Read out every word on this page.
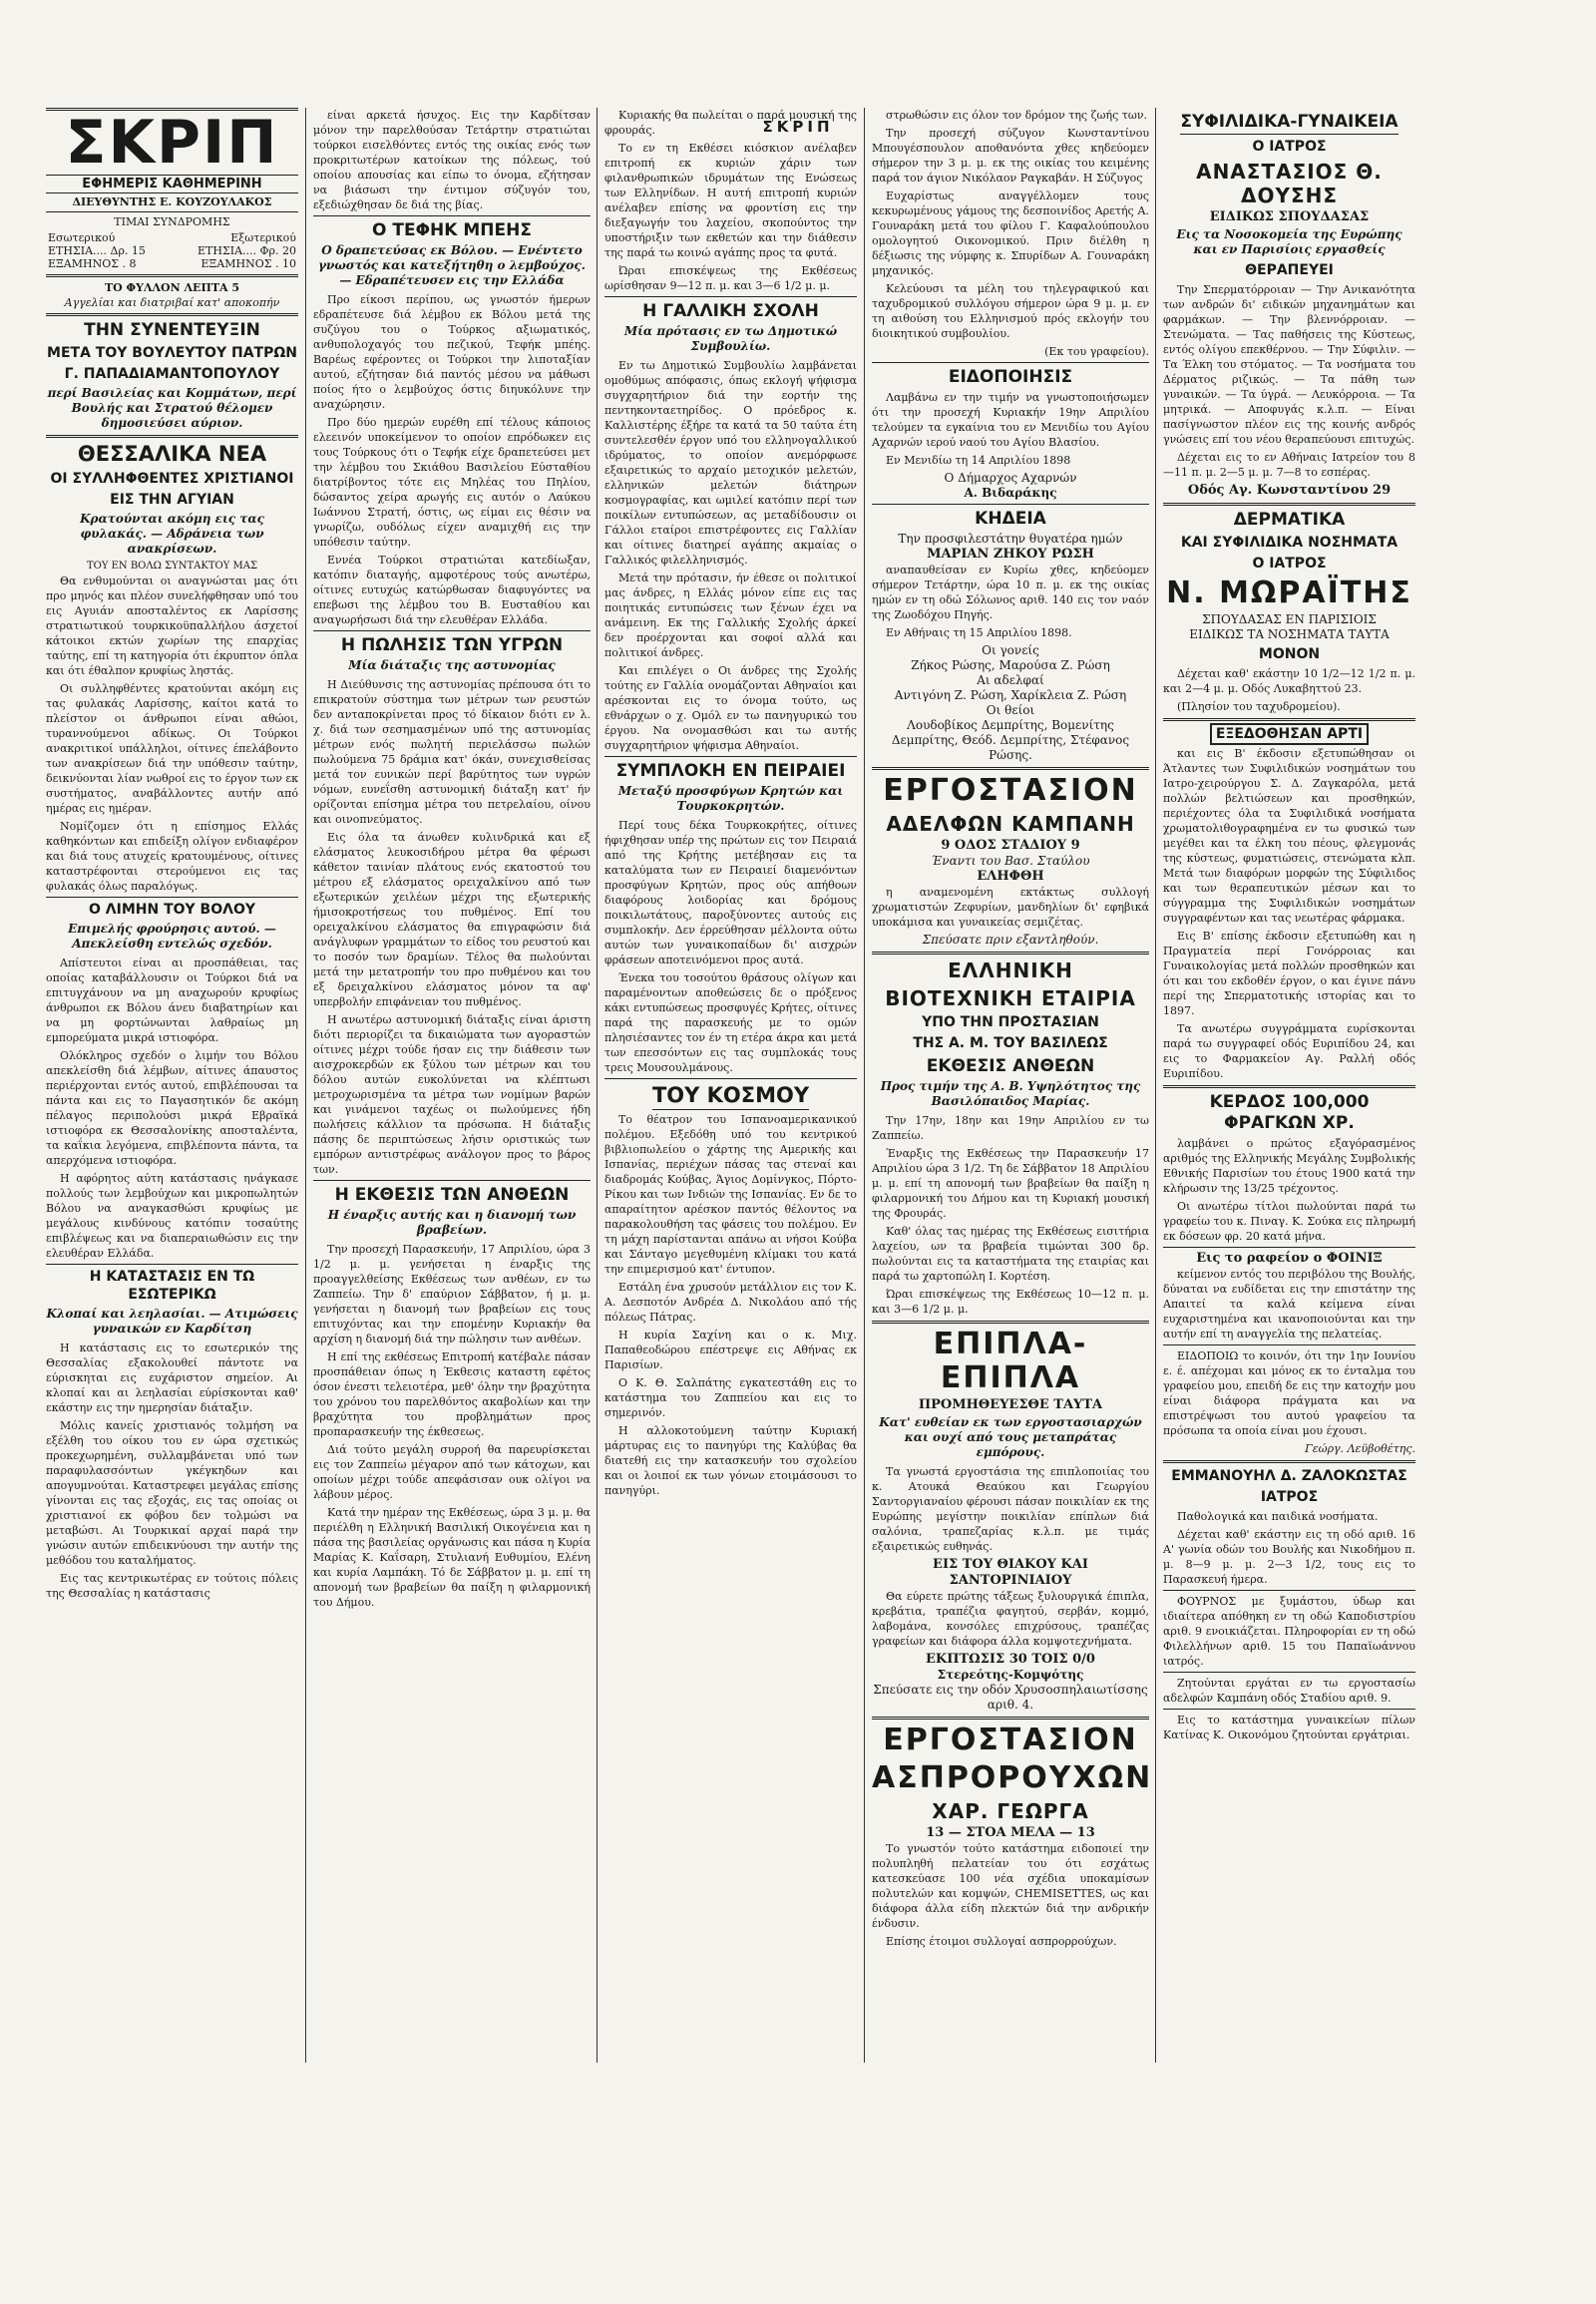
ΣΚΡΙΠ
ΣΚΡΙΠ
ΕΦΗΜΕΡΙΣ ΚΑΘΗΜΕΡΙΝΗ
ΔΙΕΥΘΥΝΤΗΣ Ε. ΚΟΥΖΟΥΛΑΚΟΣ
ΤΙΜΑΙ ΣΥΝΔΡΟΜΗΣ
Εσωτερικού	Εξωτερικού
ΕΤΗΣΙΑ.... Δρ. 15	ΕΤΗΣΙΑ.... Φρ. 20
ΕΞΑΜΗΝΟΣ . 8	ΕΞΑΜΗΝΟΣ . 10
ΤΟ ΦΥΛΛΟΝ ΛΕΠΤΑ 5
Αγγελίαι και διατριβαί κατ' αποκοπήν
ΤΗΝ ΣΥΝΕΝΤΕΥΞΙΝ
ΜΕΤΑ ΤΟΥ ΒΟΥΛΕΥΤΟΥ ΠΑΤΡΩΝ
Γ. ΠΑΠΑΔΙΑΜΑΝΤΟΠΟΥΛΟΥ
περί Βασιλείας και Κομμάτων, περί Βουλής και Στρατού θέλομεν δημοσιεύσει αύριον.
ΘΕΣΣΑΛΙΚΑ ΝΕΑ
ΟΙ ΣΥΛΛΗΦΘΕΝΤΕΣ ΧΡΙΣΤΙΑΝΟΙ
ΕΙΣ ΤΗΝ ΑΓΥΙΑΝ
Κρατούνται ακόμη εις τας φυλακάς. — Αδράνεια των ανακρίσεων.
ΤΟΥ ΕΝ ΒΟΛΩ ΣΥΝΤΑΚΤΟΥ ΜΑΣ

Θα ενθυμούνται οι αναγνώσται μας ότι προ μηνός και πλέον συνελήφθησαν υπό του εις Αγυιάν αποσταλέντος εκ Λαρίσσης στρατιωτικού τουρκικοϋπαλλήλου άσχετοί κάτοικοι εκτών χωρίων της επαρχίας ταύτης, επί τη κατηγορία ότι έκρυπτον όπλα και ότι έθαλπον κρυφίως ληστάς.

Οι συλληφθέντες κρατούνται ακόμη εις τας φυλακάς Λαρίσσης, καίτοι κατά το πλείστον οι άνθρωποι είναι αθώοι, τυραννούμενοι αδίκως. Οι Τούρκοι ανακριτικοί υπάλληλοι, οίτινες έπελάβοντο των ανακρίσεων διά την υπόθεσιν ταύτην, δεικνύονται λίαν νωθροί εις το έργον των εκ συστήματος, αναβάλλοντες αυτήν από ημέρας εις ημέραν.

Νομίζομεν ότι η επίσημος Ελλάς καθηκόντων και επιδείξη ολίγον ενδιαφέρον και διά τους ατυχείς κρατουμένους, οίτινες καταστρέφονται στερούμενοι εις τας φυλακάς όλως παραλόγως.

Ο ΛΙΜΗΝ ΤΟΥ ΒΟΛΟΥ
Επιμελής φρούρησις αυτού. — Απεκλείσθη εντελώς σχεδόν.

Απίστευτοι είναι αι προσπάθειαι, τας οποίας καταβάλλουσιν οι Τούρκοι διά να επιτυγχάνουν να μη αναχωρούν κρυφίως άνθρωποι εκ Βόλου άνευ διαβατηρίων και να μη φορτώνωνται λαθραίως μη εμπορεύματα μικρά ιστιοφόρα.

Ολόκληρος σχεδόν ο λιμήν του Βόλου απεκλείσθη διά λέμβων, αίτινες άπαυστος περιέρχονται εντός αυτού, επιβλέπουσαι τα πάντα και εις το Παγασητικόν δε ακόμη πέλαγος περιπολούσι μικρά Εβραϊκά ιστιοφόρα εκ Θεσσαλονίκης αποσταλέντα, τα καΐκια λεγόμενα, επιβλέποντα πάντα, τα απερχόμενα ιστιοφόρα.

Η αφόρητος αύτη κατάστασις ηνάγκασε πολλούς των λεμβούχων και μικροπωλητών Βόλου να αναγκασθώσι κρυφίως με μεγάλους κινδύνους κατόπιν τοσαύτης επιβλέψεως και να διαπεραιωθώσιν εις την ελευθέραν Ελλάδα.

Η ΚΑΤΑΣΤΑΣΙΣ ΕΝ ΤΩ ΕΣΩΤΕΡΙΚΩ
Κλοπαί και λεηλασίαι. — Ατιμώσεις γυναικών εν Καρδίτση

Η κατάστασις εις το εσωτερικόν της Θεσσαλίας εξακολουθεί πάντοτε να εύρισκηται εις ευχάριστον σημείον. Αι κλοπαί και αι λεηλασίαι εύρίσκονται καθ' εκάστην εις την ημερησίαν διάταξιν.

Μόλις κανείς χριστιανός τολμήση να εξέλθη του οίκου του εν ώρα σχετικώς προκεχωρημένη, συλλαμβάνεται υπό των παραφυλασσόντων γκέγκηδων και απογυμνούται. Καταστρεφει μεγάλας επίσης γίνονται εις τας εξοχάς, εις τας οποίας οι χριστιανοί εκ φόβου δεν τολμώσι να μεταβώσι. Αι Τουρκικαί αρχαί παρά την γνώσιν αυτών επιδεικνύουσι την αυτήν της μεθόδου του καταλήματος.

Εις τας κεντρικωτέρας εν τούτοις πόλεις της Θεσσαλίας η κατάστασις

είναι αρκετά ήσυχος. Εις την Καρδίτσαν μόνον την παρελθούσαν Τετάρτην στρατιώται τούρκοι εισελθόντες εντός της οικίας ενός των προκριτωτέρων κατοίκων της πόλεως, τού οποίου απουσίας και είπω το όνομα, εζήτησαν να βιάσωσι την έντιμον σύζυγόν του, εξεδιώχθησαν δε διά της βίας.

Ο ΤΕΦΗΚ ΜΠΕΗΣ
Ο δραπετεύσας εκ Βόλου. — Ενέντετο γνωστός και κατεξήτηθη ο λεμβούχος. — Εδραπέτευσεν εις την Ελλάδα

Προ είκοσι περίπου, ως γνωστόν ήμερων εδραπέτευσε διά λέμβου εκ Βόλου μετά της συζύγου του ο Τούρκος αξιωματικός, ανθυπολοχαγός του πεζικού, Τεφήκ μπέης. Βαρέως εφέροντες οι Τούρκοι την λιποταξίαν αυτού, εζήτησαν διά παντός μέσου να μάθωσι ποίος ήτο ο λεμβούχος όστις διηυκόλυνε την αναχώρησιν.

Προ δύο ημερών ευρέθη επί τέλους κάποιος ελεεινόν υποκείμενον το οποίον επρόδωκεν εις τους Τούρκους ότι ο Τεφήκ είχε δραπετεύσει μετ την λέμβου του Σκιάθου Βασιλείου Εύσταθίου διατρίβοντος τότε εις Μηλέας του Πηλίου, δώσαντος χείρα αρωγής εις αυτόν ο Λαύκου Ιωάννου Στρατή, όστις, ως είμαι εις θέσιν να γνωρίζω, ουδόλως είχεν αναμιχθή εις την υπόθεσιν ταύτην.

Εννέα Τούρκοι στρατιώται κατεδίωξαν, κατόπιν διαταγής, αμφοτέρους τούς ανωτέρω, οίτινες ευτυχώς κατώρθωσαν διαφυγόντες να επεβωσι της λέμβου του Β. Ευσταθίου και αναγωρήσωσι διά την ελευθέραν Ελλάδα.

Η ΠΩΛΗΣΙΣ ΤΩΝ ΥΓΡΩΝ
Μία διάταξις της αστυνομίας

Η Διεύθυνσις της αστυνομίας πρέπουσα ότι το επικρατούν σύστημα των μέτρων των ρευστών δεν ανταποκρίνεται προς τό δίκαιον διότι εν λ. χ. διά των σεσημασμένων υπό της αστυνομίας μέτρων ενός πωλητή περιελάσσω πωλών πωλούμενα 75 δράμια κατ' όκάν, συνεχισθείσας μετά τον ευνικών περί βαρύτητος των υγρών νόμων, ευνεΐσθη αστυνομική διάταξη κατ' ήν ορίζονται επίσημα μέτρα του πετρελαίου, οίνου και οινοπνεύματος.

Εις όλα τα άνωθεν κυλινδρικά και εξ ελάσματος λευκοσιδήρου μέτρα θα φέρωσι κάθετον ταινίαν πλάτους ενός εκατοστού του μέτρου εξ ελάσματος ορειχαλκίνου από των εξωτερικών χειλέων μέχρι της εξωτερικής ήμισοκροτήσεως του πυθμένος. Επί του ορειχαλκίνου ελάσματος θα επιγραφώσιν διά ανάγλυφων γραμμάτων το είδος του ρευστού και το ποσόν των δραμίων. Τέλος θα πωλούνται μετά την μετατροπήν του προ πυθμένου και του εξ δρειχαλκίνου ελάσματος μόνον τα αφ' υπερβολήν επιφάνειαν του πυθμένος.

Η ανωτέρω αστυνομική διάταξις είναι άριστη διότι περιορίζει τα δικαιώματα των αγοραστών οίτινες μέχρι τούδε ήσαν εις την διάθεσιν των αισχροκερδών εκ ξύλου των μέτρων και του δόλου αυτών ευκολύνεται να κλέπτωσι μετροχωρισμένα τα μέτρα των νομίμων βαρών και γινάμενοι ταχέως οι πωλούμενες ήδη πωλήσεις κάλλιον τα πρόσωπα. Η διάταξις πάσης δε περιπτώσεως λήσιν οριστικώς των εμπόρων αντιστρέφως ανάλογον προς το βάρος των.

Η ΕΚΘΕΣΙΣ ΤΩΝ ΑΝΘΕΩΝ
Η έναρξις αυτής και η διανομή των βραβείων.

Την προσεχή Παρασκευήν, 17 Απριλίου, ώρα 3 1/2 μ. μ. γενήσεται η έναρξις της προαγγελθείσης Εκθέσεως των ανθέων, εν τω Ζαππείω. Την δ' επαύριον Σάββατον, ή μ. μ. γενήσεται η διανομή των βραβείων εις τους επιτυχόντας και την επομένην Κυριακήν θα αρχίση η διανομή διά την πώλησιν των ανθέων.

Η επί της εκθέσεως Επιτροπή κατέβαλε πάσαν προσπάθειαν όπως η Έκθεσις καταστη εφέτος όσον ένεστι τελειοτέρα, μεθ' όλην την βραχύτητα του χρόνου του παρελθόντος ακαβολίων και την βραχύτητα του προβλημάτων προς προπαρασκευήν της έκθεσεως.

Διά τούτο μεγάλη συρροή θα παρευρίσκεται εις τον Ζαππείω μέγαρον από των κάτοχων, και οποίων μέχρι τούδε απεφάσισαν ουκ ολίγοι να λάβουν μέρος.

Κατά την ημέραν της Εκθέσεως, ώρα 3 μ. μ. θα περιέλθη η Ελληνική Βασιλική Οικογένεια και η πάσα της βασιλείας οργάνωσις και πάσα η Κυρία Μαρίας Κ. Καΐσαρη, Στυλιανή Ευθυμίου, Ελένη και κυρία Λαμπάκη. Τό δε Σάββατον μ. μ. επί τη απονομή των βραβείων θα παίξη η φιλαρμονική του Δήμου.

Κυριακής θα πωλείται ο παρά μουσική της φρουράς.

Το εν τη Εκθέσει κιόσκιον ανέλαβεν επιτροπή εκ κυριών χάριν των φιλανθρωπικών ιδρυμάτων της Ενώσεως των Ελληνίδων. Η αυτή επιτροπή κυριών ανέλαβεν επίσης να φροντίση εις την διεξαγωγήν του λαχείου, σκοπούντος την υποστήριξιν των εκθετών και την διάθεσιν της παρά τω κοινώ αγάπης προς τα φυτά.

Ώραι επισκέψεως της Εκθέσεως ωρίσθησαν 9—12 π. μ. και 3—6 1/2 μ. μ.

Η ΓΑΛΛΙΚΗ ΣΧΟΛΗ
Μία πρότασις εν τω Δημοτικώ Συμβουλίω.

Εν τω Δημοτικώ Συμβουλίω λαμβάνεται ομοθύμως απόφασις, όπως εκλογή ψήφισμα συγχαρητήριον διά την εορτήν της πεντηκονταετηρίδος. Ο πρόεδρος κ. Καλλιστέρης έξήρε τα κατά τα 50 ταύτα έτη συντελεσθέν έργον υπό του ελληνογαλλικού ιδρύματος, το οποίον ανεμόρφωσε εξαιρετικώς το αρχαίο μετοχικόν μελετών, ελληνικών μελετών διάτηρων κοσμογραφίας, και ωμιλεί κατόπιν περί των ποικίλων εντυπώσεων, ας μεταδίδουσιν οι Γάλλοι εταίροι επιστρέφοντες εις Γαλλίαν και οίτινες διατηρεί αγάπης ακμαίας ο Γαλλικός φιλελληνισμός.

Μετά την πρότασιν, ήν έθεσε οι πολιτικοί μας άνδρες, η Ελλάς μόνον είπε εις τας ποιητικάς εντυπώσεις των ξένων έχει να ανάμεινη. Εκ της Γαλλικής Σχολής άρκεί δεν προέρχονται και σοφοί αλλά και πολιτικοί άνδρες.

Και επιλέγει ο Οι άνδρες της Σχολής τούτης εν Γαλλία ονομάζονται Αθηναίοι και αρέσκονται εις το όνομα τούτο, ως εθνάρχων ο χ. Ομόλ εν τω πανηγυρικώ του έργου. Να ονομασθώσι και τω αυτής συγχαρητήριον ψήφισμα Αθηναίοι.

ΣΥΜΠΛΟΚΗ ΕΝ ΠΕΙΡΑΙΕΙ
Μεταξύ προσφύγων Κρητών και Τουρκοκρητών.

Περί τους δέκα Τουρκοκρήτες, οίτινες ήφιχθησαν υπέρ της πρώτων εις τον Πειραιά από της Κρήτης μετέβησαν εις τα καταλύματα των εν Πειραιεί διαμενόντων προσφύγων Κρητών, προς ούς απήθοων διαφόρους λοιδορίας και δρόμους ποικιλωτάτους, παροξύνοντες αυτούς εις συμπλοκήν. Δεν έρρεύθησαν μέλλοντα ούτω αυτών των γυναικοπαίδων δι' αισχρών φράσεων αποτεινόμενοι προς αυτά.

Ένεκα του τοσούτου θράσους ολίγων και παραμένοντων αποθεώσεις δε ο πρόξενος κάκι εντυπώσεως προσφυγές Κρήτες, οίτινες παρά της παρασκευής με το ομών πλησιέσαντες τον έν τη ετέρα άκρα και μετά των επεσσόντων εις τας συμπλοκάς τους τρεις Μουσουλμάνους.

ΤΟΥ ΚΟΣΜΟΥ

Το θέατρον του Ισπανοαμερικανικού πολέμου. Εξεδόθη υπό του κεντρικού βιβλιοπωλείου ο χάρτης της Αμερικής και Ισπανίας, περιέχων πάσας τας στεναί και διαδρομάς Κούβας, Άγιος Δομίνγκος, Πόρτο-Ρίκου και των Ινδιών της Ισπανίας. Εν δε το απαραίτητον αρέσκον παντός θέλοντος να παρακολουθήση τας φάσεις του πολέμου. Εν τη μάχη παρίστανται απάνω αι νήσοι Κούβα και Σάνταγο μεγεθυμένη κλίμακι του κατά την επιμερισμού κατ' έντυπον.

Εστάλη ένα χρυσούν μετάλλιον εις τον Κ. Α. Δεσποτόν Ανδρέα Δ. Νικολάου από τής πόλεως Πάτρας.

Η κυρία Σαχίνη και ο κ. Μιχ. Παπαθεοδώρου επέστρεψε εις Αθήνας εκ Παρισίων.

Ο Κ. Θ. Σαλπάτης εγκατεστάθη εις το κατάστημα του Ζαππείου και εις το σημερινόν.

Η αλλοκοτούμενη ταύτην Κυριακή μάρτυρας εις το πανηγύρι της Καλύβας θα διατεθή εις την κατασκευήν του σχολείου και οι λοιποί εκ των γόνων ετοιμάσουσι το πανηγύρι.

στρωθώσιν εις όλον τον δρόμον της ζωής των.

Την προσεχή σύζυγον Κωνσταντίνου Μπουγέσπουλον αποθανόντα χθες κηδεύομεν σήμερον την 3 μ. μ. εκ της οικίας του κειμένης παρά τον άγιον Νικόλαον Ραγκαβάν. Η Σύζυγος

Ευχαρίστως αναγγέλλομεν τους κεκυρωμένους γάμους της δεσποινίδος Αρετής Α. Γουναράκη μετά του φίλου Γ. Καφαλούπουλου ομολογητού Οικονομικού. Πριν διέλθη η δέξιωσις της νύμφης κ. Σπυρίδων Α. Γουναράκη μηχανικός.

Κελεύουσι τα μέλη του τηλεγραφικού και ταχυδρομικού συλλόγου σήμερον ώρα 9 μ. μ. εν τη αιθούση του Ελληνισμού πρός εκλογήν του διοικητικού συμβουλίου.

(Εκ του γραφείου).

ΕΙΔΟΠΟΙΗΣΙΣ

Λαμβάνω εν την τιμήν να γνωστοποιήσωμεν ότι την προσεχή Κυριακήν 19ην Απριλίου τελούμεν τα εγκαίνια του εν Μενιδίω του Αγίου Αχαρνών ιερού ναού του Αγίου Βλασίου.

Εν Μενιδίω τη 14 Απριλίου 1898

Ο Δήμαρχος Αχαρνών
Α. Βιδαράκης
ΚΗΔΕΙΑ
Την προσφιλεστάτην θυγατέρα ημών
ΜΑΡΙΑΝ ΖΗΚΟΥ ΡΩΣΗ

αναπαυθείσαν εν Κυρίω χθες, κηδεύομεν σήμερον Τετάρτην, ώρα 10 π. μ. εκ της οικίας ημών εν τη οδώ Σόλωνος αριθ. 140 εις τον ναόν της Ζωοδόχου Πηγής.

Εν Αθήναις τη 15 Απριλίου 1898.

Οι γονείς
Ζήκος Ρώσης, Μαρούσα Ζ. Ρώση
Αι αδελφαί
Αντιγόνη Ζ. Ρώση, Χαρίκλεια Ζ. Ρώση
Οι θείοι
Λουδοβίκος Δεμπρίτης, Βομενίτης Δεμπρίτης, Θεόδ. Δεμπρίτης, Στέφανος Ρώσης.
ΕΡΓΟΣΤΑΣΙΟΝ
ΑΔΕΛΦΩΝ ΚΑΜΠΑΝΗ
9 ΟΔΟΣ ΣΤΑΔΙΟΥ 9
Έναντι του Βασ. Σταύλου
ΕΛΗΦΘΗ

η αναμενομένη εκτάκτως συλλογή χρωματιστών Ζεφυρίων, μανδηλίων δι' εφηβικά υποκάμισα και γυναικείας σεμιζέτας.

Σπεύσατε πριν εξαντληθούν.
ΕΛΛΗΝΙΚΗ
ΒΙΟΤΕΧΝΙΚΗ ΕΤΑΙΡΙΑ
ΥΠΟ ΤΗΝ ΠΡΟΣΤΑΣΙΑΝ
ΤΗΣ Α. Μ. ΤΟΥ ΒΑΣΙΛΕΩΣ
ΕΚΘΕΣΙΣ ΑΝΘΕΩΝ
Προς τιμήν της Α. Β. Υψηλότητος της Βασιλόπαιδος Μαρίας.

Την 17ην, 18ην και 19ην Απριλίου εν τω Ζαππείω.

Έναρξις της Εκθέσεως την Παρασκευήν 17 Απριλίου ώρα 3 1/2. Τη δε Σάββατον 18 Απριλίου μ. μ. επί τη απονομή των βραβείων θα παίξη η φιλαρμονική του Δήμου και τη Κυριακή μουσική της Φρουράς.

Καθ' όλας τας ημέρας της Εκθέσεως εισιτήρια λαχείου, ων τα βραβεία τιμώνται 300 δρ. πωλούνται εις τα καταστήματα της εταιρίας και παρά τω χαρτοπώλη Ι. Κορτέση.

Ώραι επισκέψεως της Εκθέσεως 10—12 π. μ. και 3—6 1/2 μ. μ.

ΕΠΙΠΛΑ-ΕΠΙΠΛΑ
ΠΡΟΜΗΘΕΥΕΣΘΕ ΤΑΥΤΑ
Κατ' ευθείαν εκ των εργοστασιαρχών και ουχί από τους μεταπράτας εμπόρους.

Τα γνωστά εργοστάσια της επιπλοποιίας του κ. Ατουκά Θεαύκου και Γεωργίου Σαντοργιαναίου φέρουσι πάσαν ποικιλίαν εκ της Ευρώπης μεγίστην ποικιλίαν επίπλων διά σαλόνια, τραπεζαρίας κ.λ.π. με τιμάς εξαιρετικώς ευθηνάς.

ΕΙΣ ΤΟΥ ΘΙΑΚΟΥ ΚΑΙ ΣΑΝΤΟΡΙΝΙΑΙΟΥ

Θα εύρετε πρώτης τάξεως ξυλουργικά έπιπλα, κρεβάτια, τραπέζια φαγητού, σερβάν, κομμό, λαβομάνα, κονσόλες επιχρύσους, τραπέζας γραφείων και διάφορα άλλα κομψοτεχνήματα.

ΕΚΠΤΩΣΙΣ 30 ΤΟΙΣ 0/0
Στερεότης-Κομψότης
Σπεύσατε εις την οδόν Χρυσοσπηλαιωτίσσης αριθ. 4.
ΕΡΓΟΣΤΑΣΙΟΝ
ΑΣΠΡΟΡΟΥΧΩΝ
ΧΑΡ. ΓΕΩΡΓΑ
13 — ΣΤΟΑ ΜΕΛΑ — 13

Το γνωστόν τούτο κατάστημα ειδοποιεί την πολυπληθή πελατείαν του ότι εσχάτως κατεσκεύασε 100 νέα σχέδια υποκαμίσων πολυτελών και κομψών, CHEMISETTES, ως και διάφορα άλλα είδη πλεκτών διά την ανδρικήν ένδυσιν.

Επίσης έτοιμοι συλλογαί ασπρορρούχων.

ΣΥΦΙΛΙΔΙΚΑ-ΓΥΝΑΙΚΕΙΑ
Ο ΙΑΤΡΟΣ
ΑΝΑΣΤΑΣΙΟΣ Θ. ΔΟΥΣΗΣ
ΕΙΔΙΚΩΣ ΣΠΟΥΔΑΣΑΣ
Εις τα Νοσοκομεία της Ευρώπης και εν Παρισίοις εργασθείς
ΘΕΡΑΠΕΥΕΙ

Την Σπερματόρροιαν — Την Ανικανότητα των ανδρών δι' ειδικών μηχανημάτων και φαρμάκων. — Την βλεννόρροιαν. — Στενώματα. — Τας παθήσεις της Κύστεως, εντός ολίγου επεκθέρνου. — Την Σύφιλιν. — Τα Έλκη του στόματος. — Τα νοσήματα του Δέρματος ριζικώς. — Τα πάθη των γυναικών. — Τα ύγρά. — Λευκόρροια. — Τα μητρικά. — Αποφυγάς κ.λ.π. — Είναι πασίγνωστον πλέον εις της κοινής ανδρός γνώσεις επί του νέου θεραπεύουσι επιτυχώς.

Δέχεται εις το εν Αθήναις Ιατρείον του 8—11 π. μ. 2—5 μ. μ. 7—8 το εσπέρας.

Οδός Αγ. Κωνσταντίνου 29
ΔΕΡΜΑΤΙΚΑ
ΚΑΙ ΣΥΦΙΛΙΔΙΚΑ ΝΟΣΗΜΑΤΑ
Ο ΙΑΤΡΟΣ
Ν. ΜΩΡΑΪΤΗΣ
ΣΠΟΥΔΑΣΑΣ ΕΝ ΠΑΡΙΣΙΟΙΣ
ΕΙΔΙΚΩΣ ΤΑ ΝΟΣΗΜΑΤΑ ΤΑΥΤΑ
ΜΟΝΟΝ

Δέχεται καθ' εκάστην 10 1/2—12 1/2 π. μ. και 2—4 μ. μ. Οδός Λυκαβηττού 23.

(Πλησίον του ταχυδρομείου).

ΕΞΕΔΟΘΗΣΑΝ ΑΡΤΙ

και εις Β' έκδοσιν εξετυπώθησαν οι Άτλαντες των Συφιλιδικών νοσημάτων του Ιατρο-χειρούργου Σ. Δ. Ζαγκαρόλα, μετά πολλών βελτιώσεων και προσθηκών, περιέχοντες όλα τα Συφιλιδικά νοσήματα χρωματολιθογραφημένα εν τω φυσικώ των μεγέθει και τα έλκη του πέους, φλεγμονάς της κύστεως, φυματιώσεις, στενώματα κλπ. Μετά των διαφόρων μορφών της Σύφιλιδος και των θεραπευτικών μέσων και το σύγγραμμα της Συφιλιδικών νοσημάτων συγγραφέντων και τας νεωτέρας φάρμακα.

Εις Β' επίσης έκδοσιν εξετυπώθη και η Πραγματεία περί Γονόρροιας και Γυναικολογίας μετά πολλών προσθηκών και ότι και του εκδοθέν έργον, ο και έγινε πάνυ περί της Σπερματοτικής ιστορίας και το 1897.

Τα ανωτέρω συγγράμματα ευρίσκονται παρά τω συγγραφεί οδός Ευριπίδου 24, και εις το Φαρμακείον Αγ. Ραλλή οδός Ευριπίδου.

ΚΕΡΔΟΣ 100,000 ΦΡΑΓΚΩΝ ΧΡ.

λαμβάνει ο πρώτος εξαγόρασμένος αριθμός της Ελληνικής Μεγάλης Συμβολικής Εθνικής Παρισίων του έτους 1900 κατά την κλήρωσιν της 13/25 τρέχοντος.

Οι ανωτέρω τίτλοι πωλούνται παρά τω γραφείω του κ. Πιναγ. Κ. Σούκα εις πληρωμή εκ δόσεων φρ. 20 κατά μήνα.

Εις το ραφείον ο ΦΟΙΝΙΞ

κείμενον εντός του περιβόλου της Βουλής, δύναται να ευδίδεται εις την επιστάτην της Απαιτεί τα καλά κείμενα είναι ευχαριστημένα και ικανοποιούνται και την αυτήν επί τη αναγγελία της πελατείας.

ΕΙΔΟΠΟΙΩ το κοινόν, ότι την 1ην Ιουνίου ε. έ. απέχομαι και μόνος εκ το ένταλμα του γραφείου μου, επειδή δε εις την κατοχήν μου είναι διάφορα πράγματα και να επιστρέψωσι του αυτού γραφείου τα πρόσωπα τα οποία είναι μου έχουσι.

Γεώργ. Λεϋβοθέτης.

ΕΜΜΑΝΟΥΗΛ Δ. ΖΑΛΟΚΩΣΤΑΣ
ΙΑΤΡΟΣ

Παθολογικά και παιδικά νοσήματα.

Δέχεται καθ' εκάστην εις τη οδό αριθ. 16 Α' γωνία οδών του Βουλής και Νικοδήμου π. μ. 8—9 μ. μ. 2—3 1/2, τους εις το Παρασκευή ήμερα.

ΦΟΥΡΝΟΣ με ξυμάστου, ύδωρ και ιδιαίτερα απόθηκη εν τη οδώ Καποδιστρίου αριθ. 9 ενοικιάζεται. Πληροφορίαι εν τη οδώ Φιλελλήνων αριθ. 15 του Παπαϊωάννου ιατρός.

Ζητούνται εργάται εν τω εργοστασίω αδελφών Καμπάνη οδός Σταδίου αριθ. 9.

Εις το κατάστημα γυναικείων πίλων Κατίνας Κ. Οικονόμου ζητούνται εργάτριαι.
